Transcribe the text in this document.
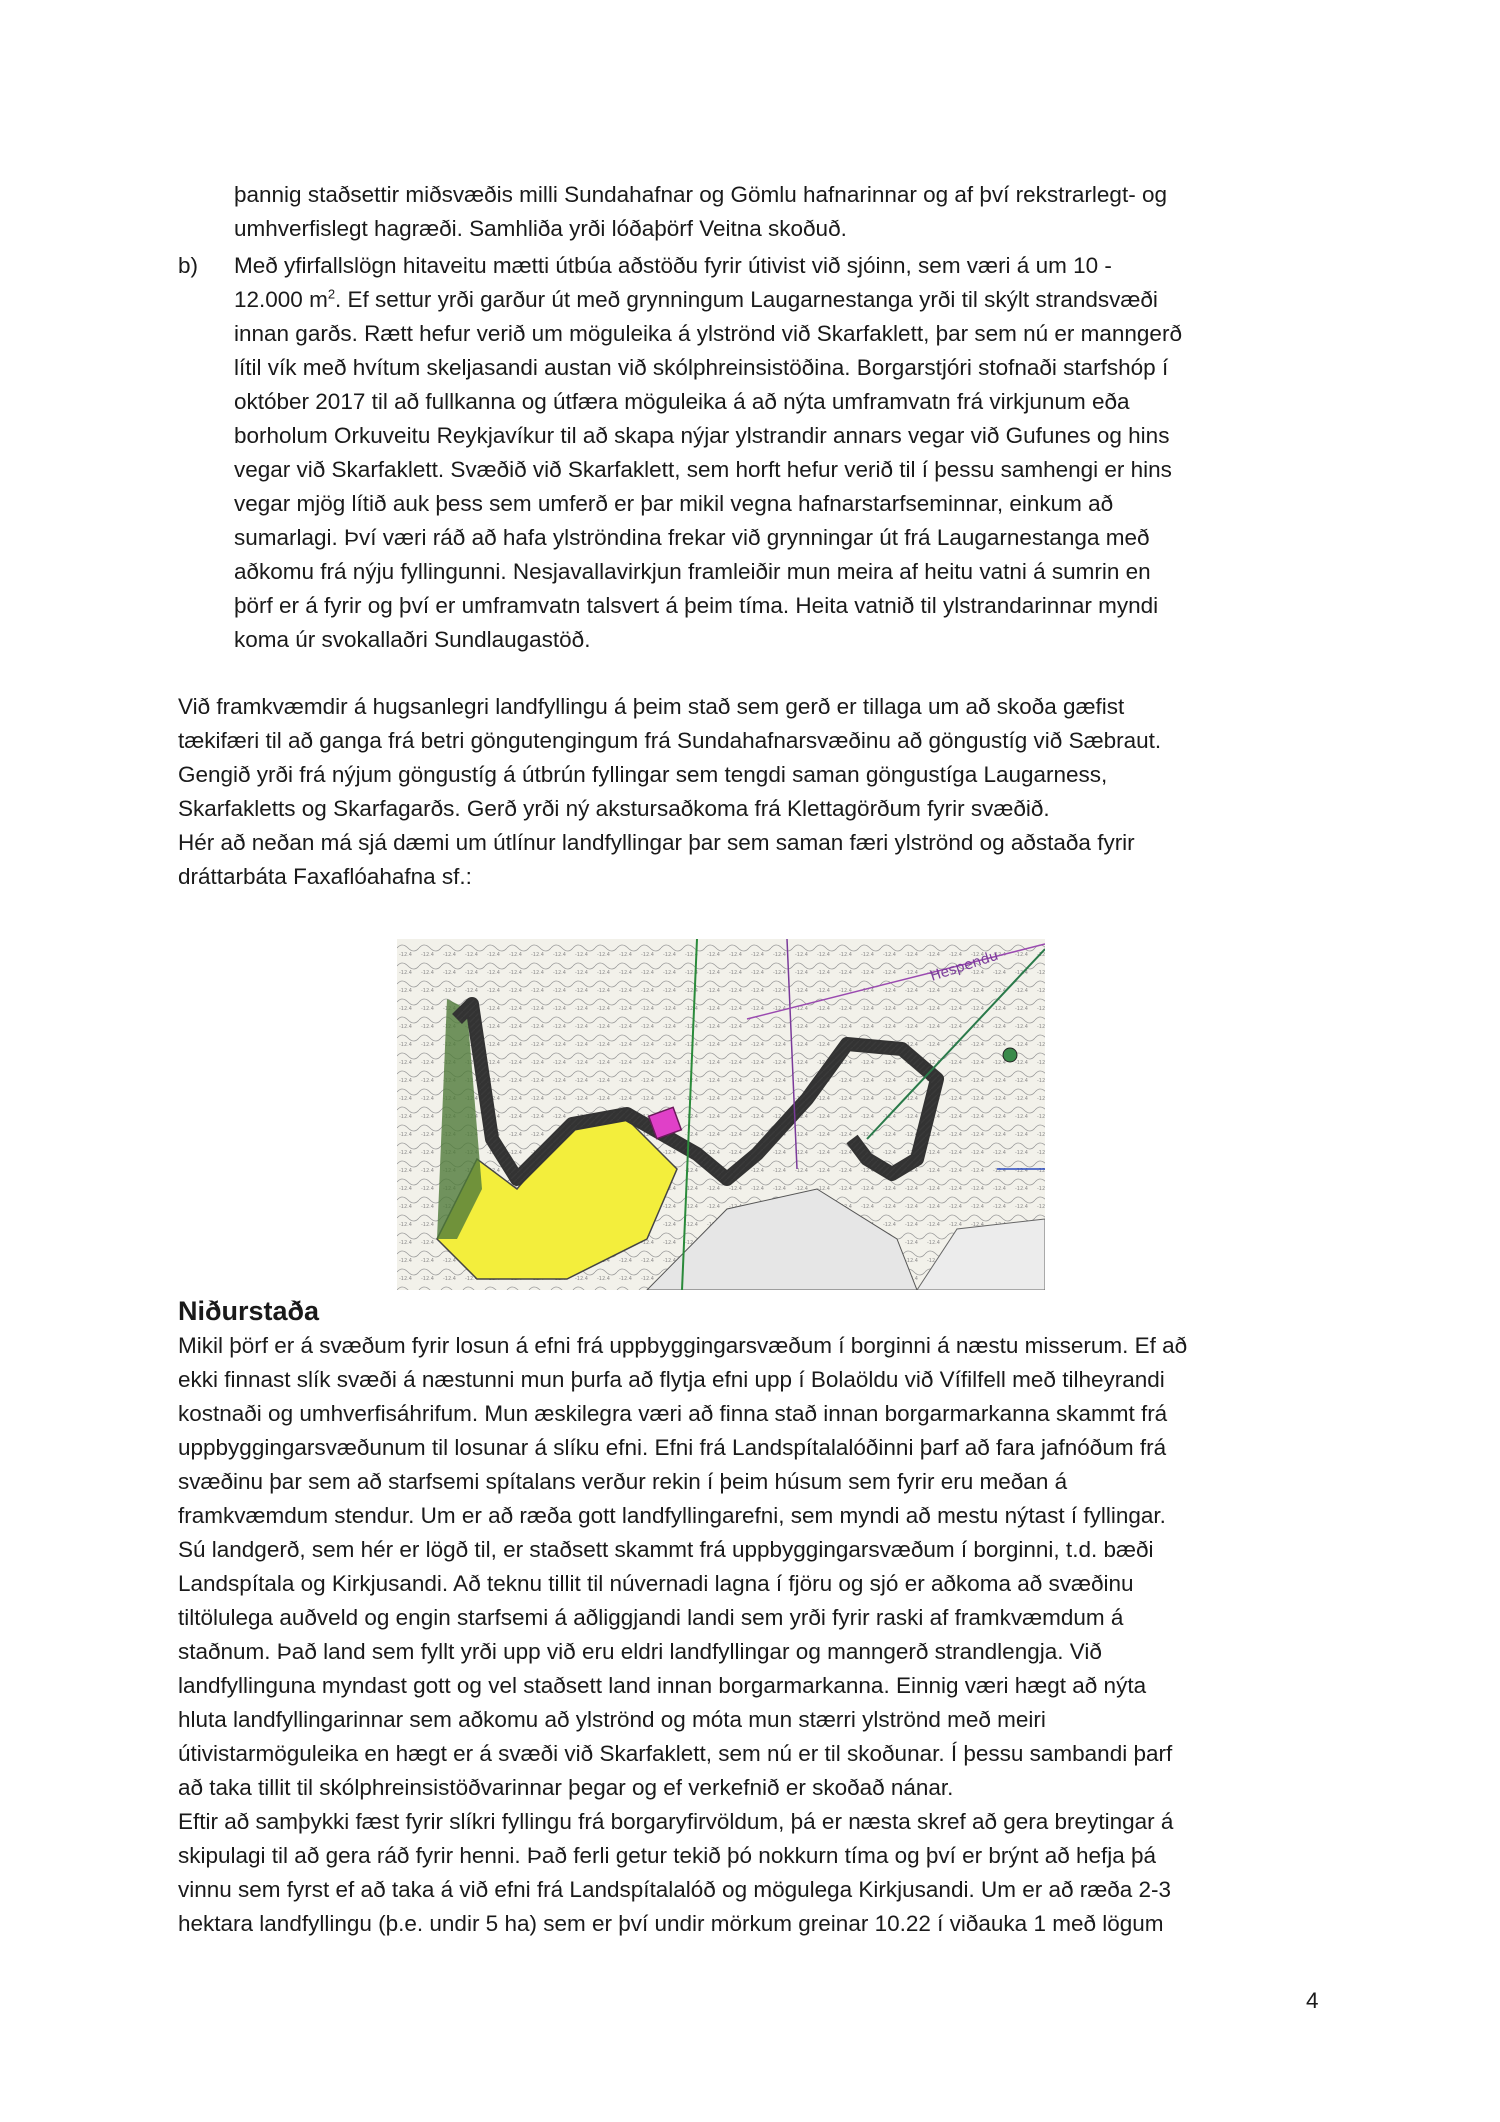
þannig staðsettir miðsvæðis milli Sundahafnar og Gömlu hafnarinnar og af því rekstrarlegt- og
umhverfislegt hagræði. Samhliða yrði lóðaþörf Veitna skoðuð.
b) Með yfirfallslögn hitaveitu mætti útbúa aðstöðu fyrir útivist við sjóinn, sem væri á um 10 -
12.000 $m^2$. Ef settur yrði garður út með grynningum Laugarnestanga yrði til skýlt strandsvæði
innan garðs. Rætt hefur verið um möguleika á ylströnd við Skarfaklett, þar sem nú er manngerð
lítil vík með hvítum skeljasandi austan við skólphreinsistöðina. Borgarstjóri stofnaði starfshóp í
október 2017 til að fullkanna og útfæra möguleika á að nýta umframvatn frá virkjunum eða
borholum Orkuveitu Reykjavíkur til að skapa nýjar ylstrandir annars vegar við Gufunes og hins
vegar við Skarfaklett. Svæðið við Skarfaklett, sem horft hefur verið til í þessu samhengi er hins
vegar mjög lítið auk þess sem umferð er þar mikil vegna hafnarstarfseminnar, einkum að
sumarlagi. Því væri ráð að hafa ylströndina frekar við grynningar út frá Laugarnestanga með
aðkomu frá nýju fyllingunni. Nesjavallavirkjun framleiðir mun meira af heitu vatni á sumrin en
þörf er á fyrir og því er umframvatn talsvert á þeim tíma. Heita vatnið til ylstrandarinnar myndi
koma úr svokallaðri Sundlaugastöð.
Við framkvæmdir á hugsanlegri landfyllingu á þeim stað sem gerð er tillaga um að skoða gæfist
tækifæri til að ganga frá betri göngutengingum frá Sundahafnarsvæðinu að göngustíg við Sæbraut.
Gengið yrði frá nýjum göngustíg á útbrún fyllingar sem tengdi saman göngustíga Laugarness,
Skarfakletts og Skarfagarðs. Gerð yrði ný akstursaðkoma frá Klettagörðum fyrir svæðið.
Hér að neðan má sjá dæmi um útlínur landfyllingar þar sem saman færi ylströnd og aðstaða fyrir
dráttarbáta Faxaflóahafna sf.:
Hespendu
Niðurstaða
Mikil þörf er á svæðum fyrir losun á efni frá uppbyggingarsvæðum í borginni á næstu misserum. Ef að
ekki finnast slík svæði á næstunni mun þurfa að flytja efni upp í Bolaöldu við Vífilfell með tilheyrandi
kostnaði og umhverfisáhrifum. Mun æskilegra væri að finna stað innan borgarmarkanna skammt frá
uppbyggingarsvæðunum til losunar á slíku efni. Efni frá Landspítalalóðinni þarf að fara jafnóðum frá
svæðinu þar sem að starfsemi spítalans verður rekin í þeim húsum sem fyrir eru meðan á
framkvæmdum stendur. Um er að ræða gott landfyllingarefni, sem myndi að mestu nýtast í fyllingar.
Sú landgerð, sem hér er lögð til, er staðsett skammt frá uppbyggingarsvæðum í borginni, t.d. bæði
Landspítala og Kirkjusandi. Að teknu tillit til núvernadi lagna í fjöru og sjó er aðkoma að svæðinu
tiltölulega auðveld og engin starfsemi á aðliggjandi landi sem yrði fyrir raski af framkvæmdum á
staðnum. Það land sem fyllt yrði upp við eru eldri landfyllingar og manngerð strandlengja. Við
landfyllinguna myndast gott og vel staðsett land innan borgarmarkanna. Einnig væri hægt að nýta
hluta landfyllingarinnar sem aðkomu að ylströnd og móta mun stærri ylströnd með meiri
útivistarmöguleika en hægt er á svæði við Skarfaklett, sem nú er til skoðunar. Í þessu sambandi þarf
að taka tillit til skólphreinsistöðvarinnar þegar og ef verkefnið er skoðað nánar.
Eftir að samþykki fæst fyrir slíkri fyllingu frá borgaryfirvöldum, þá er næsta skref að gera breytingar á
skipulagi til að gera ráð fyrir henni. Það ferli getur tekið þó nokkurn tíma og því er brýnt að hefja þá
vinnu sem fyrst ef að taka á við efni frá Landspítalalóð og mögulega Kirkjusandi. Um er að ræða 2-3
hektara landfyllingu (þ.e. undir 5 ha) sem er því undir mörkum greinar 10.22 í viðauka 1 með lögum
4
